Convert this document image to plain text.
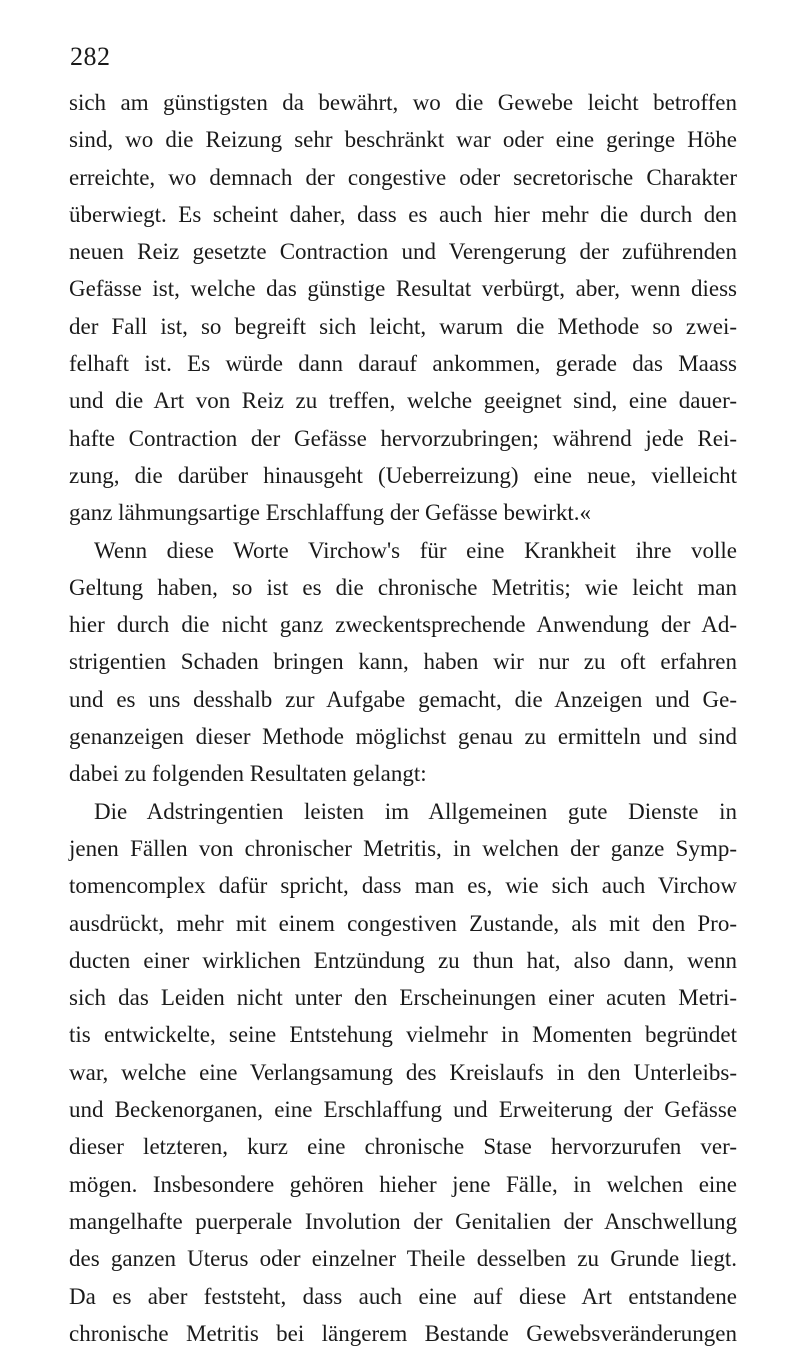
282
sich am günstigsten da bewährt, wo die Gewebe leicht betroffen
sind, wo die Reizung sehr beschränkt war oder eine geringe Höhe
erreichte, wo demnach der congestive oder secretorische Charakter
überwiegt. Es scheint daher, dass es auch hier mehr die durch den
neuen Reiz gesetzte Contraction und Verengerung der zuführenden
Gefässe ist, welche das günstige Resultat verbürgt, aber, wenn diess
der Fall ist, so begreift sich leicht, warum die Methode so zwei-
felhaft ist. Es würde dann darauf ankommen, gerade das Maass
und die Art von Reiz zu treffen, welche geeignet sind, eine dauer-
hafte Contraction der Gefässe hervorzubringen; während jede Rei-
zung, die darüber hinausgeht (Ueberreizung) eine neue, vielleicht
ganz lähmungsartige Erschlaffung der Gefässe bewirkt.«
Wenn diese Worte Virchow's für eine Krankheit ihre volle
Geltung haben, so ist es die chronische Metritis; wie leicht man
hier durch die nicht ganz zweckentsprechende Anwendung der Ad-
strigentien Schaden bringen kann, haben wir nur zu oft erfahren
und es uns desshalb zur Aufgabe gemacht, die Anzeigen und Ge-
genanzeigen dieser Methode möglichst genau zu ermitteln und sind
dabei zu folgenden Resultaten gelangt:
Die Adstringentien leisten im Allgemeinen gute Dienste in
jenen Fällen von chronischer Metritis, in welchen der ganze Symp-
tomencomplex dafür spricht, dass man es, wie sich auch Virchow
ausdrückt, mehr mit einem congestiven Zustande, als mit den Pro-
ducten einer wirklichen Entzündung zu thun hat, also dann, wenn
sich das Leiden nicht unter den Erscheinungen einer acuten Metri-
tis entwickelte, seine Entstehung vielmehr in Momenten begründet
war, welche eine Verlangsamung des Kreislaufs in den Unterleibs-
und Beckenorganen, eine Erschlaffung und Erweiterung der Gefässe
dieser letzteren, kurz eine chronische Stase hervorzurufen ver-
mögen. Insbesondere gehören hieher jene Fälle, in welchen eine
mangelhafte puerperale Involution der Genitalien der Anschwellung
des ganzen Uterus oder einzelner Theile desselben zu Grunde liegt.
Da es aber feststeht, dass auch eine auf diese Art entstandene
chronische Metritis bei längerem Bestande Gewebsveränderungen
